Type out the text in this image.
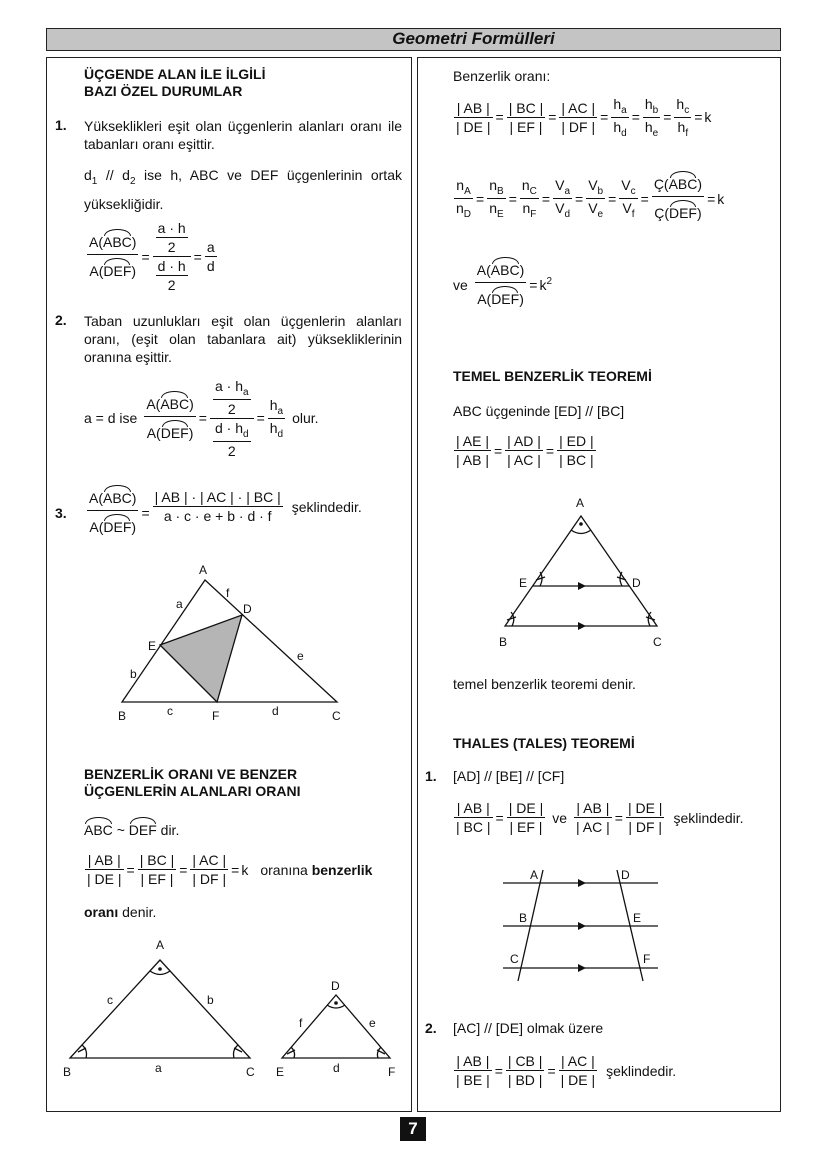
Geometri Formülleri
ÜÇGENDE ALAN İLE İLGİLİ
BAZI ÖZEL DURUMLAR
1. Yükseklikleri eşit olan üçgenlerin alanları oranı ile tabanları oranı eşittir.
$d_1 // d_2$ ise h, ABC ve DEF üçgenlerinin ortak yüksekliğidir.
A(ABC)
A(DEF)
= $\frac{\frac{a \cdot h}{2}}{\frac{d \cdot h}{2}} = \frac{a}{d}$
2. Taban uzunlukları eşit olan üçgenlerin alanları oranı, (eşit olan tabanlara ait) yüksekliklerinin oranına eşittir.
a = d ise
A(ABC)
A(DEF)
= $\frac{\frac{a \cdot h_a}{2}}{\frac{d \cdot h_d}{2}} = \frac{h_a}{h_d}$ olur.
3.
A(ABC)
A(DEF)
= $\frac{| AB | \cdot | AC | \cdot | BC |}{a \cdot c \cdot e + b \cdot d \cdot f}$ şeklindedir.
A
f
a	D
E
b
e
B	c	F	d	C
A
c	b
B	a	C
D
f	e
E	d	F
A
E	D
B	C
A	D
B	E
C	F
BENZERLİK ORANI VE BENZER
ÜÇGENLERİN ALANLARI ORANI
ABC ~ DEF dir.
$\frac{| AB |}{| DE |} = \frac{| BC |}{| EF |} = \frac{| AC |}{| DF |} = k$ oranına
benzerlik
oranı denir.
Benzerlik oranı:
$\frac{| AB |}{| DE |} = \frac{| BC |}{| EF |} = \frac{| AC |}{| DF |} = \frac{h_a}{h_d} = \frac{h_b}{h_e} = \frac{h_c}{h_f} = k$
$\frac{n_A}{n_D} = \frac{n_B}{n_E} = \frac{n_C}{n_F} = \frac{V_a}{V_d} = \frac{V_b}{V_e} = \frac{V_c}{V_f}$ =
Ç(ABC)
Ç(DEF)
= k
ve
A(ABC)
A(DEF)
= $k^2$
TEMEL BENZERLİK TEOREMİ
ABC üçgeninde [ED] // [BC]
$\frac{| AE |}{| AB |} = \frac{| AD |}{| AC |} = \frac{| ED |}{| BC |}$
temel benzerlik teoremi denir.
THALES (TALES) TEOREMİ
1. [AD] // [BE] // [CF]
$\frac{| AB |}{| BC |} = \frac{| DE |}{| EF |}$ ve $\frac{| AB |}{| AC |} = \frac{| DE |}{| DF |}$ şeklindedir.
2. [AC] // [DE] olmak üzere
$\frac{| AB |}{| BE |} = \frac{| CB |}{| BD |} = \frac{| AC |}{| DE |}$ şeklindedir.
7
